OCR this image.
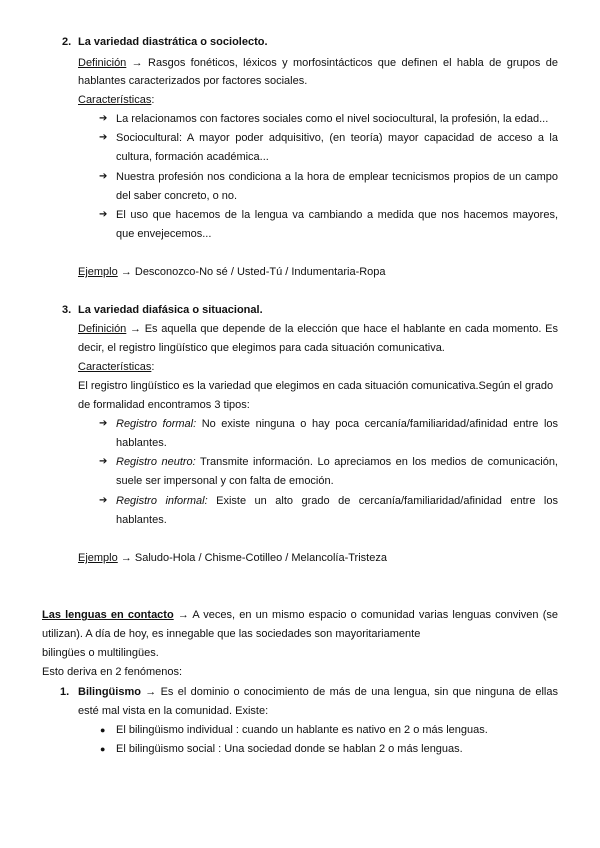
2. La variedad diastrática o sociolecto.
Definición → Rasgos fonéticos, léxicos y morfosintácticos que definen el habla de grupos de
hablantes caracterizados por factores sociales.
Características:
➔ La relacionamos con factores sociales como el nivel sociocultural, la profesión, la edad...
➔ Sociocultural: A mayor poder adquisitivo, (en teoría) mayor capacidad de acceso a la
cultura, formación académica...
➔ Nuestra profesión nos condiciona a la hora de emplear tecnicismos propios de un campo
del saber concreto, o no.
➔ El uso que hacemos de la lengua va cambiando a medida que nos hacemos mayores,
que envejecemos...
Ejemplo → Desconozco-No sé / Usted-Tú / Indumentaria-Ropa
3. La variedad diafásica o situacional.
Definición → Es aquella que depende de la elección que hace el hablante en cada momento. Es
decir, el registro lingüístico que elegimos para cada situación comunicativa.
Características:
El registro lingüístico es la variedad que elegimos en cada situación comunicativa.Según el grado
de formalidad encontramos 3 tipos:
➔ Registro formal: No existe ninguna o hay poca cercanía/familiaridad/afinidad entre los
hablantes.
➔ Registro neutro: Transmite información. Lo apreciamos en los medios de comunicación,
suele ser impersonal y con falta de emoción.
➔ Registro informal: Existe un alto grado de cercanía/familiaridad/afinidad entre los
hablantes.
Ejemplo → Saludo-Hola / Chisme-Cotilleo / Melancolía-Tristeza
Las lenguas en contacto → A veces, en un mismo espacio o comunidad varias lenguas conviven (se
utilizan). A día de hoy, es innegable que las sociedades son mayoritariamente
bilingües o multilingües.
Esto deriva en 2 fenómenos:
1. Bilingüismo → Es el dominio o conocimiento de más de una lengua, sin que ninguna de ellas
esté mal vista en la comunidad. Existe:
● El bilingüismo individual : cuando un hablante es nativo en 2 o más lenguas.
● El bilingüismo social : Una sociedad donde se hablan 2 o más lenguas.
